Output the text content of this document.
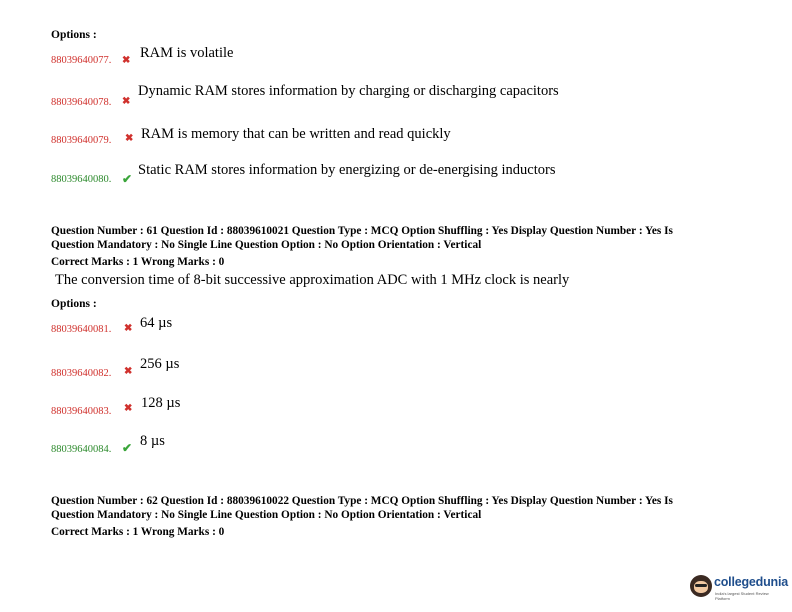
Options :
88039640077. ✖ RAM is volatile
88039640078. ✖
Dynamic RAM stores information by charging or discharging capacitors
88039640079. ✖ RAM is memory that can be written and read quickly
88039640080. ✔
Static RAM stores information by energizing or de-energising inductors
Question Number : 61 Question Id : 88039610021 Question Type : MCQ Option Shuffling : Yes Display Question Number : Yes Is
Question Mandatory : No Single Line Question Option : No Option Orientation : Vertical
Correct Marks : 1 Wrong Marks : 0
The conversion time of 8-bit successive approximation ADC with 1 MHz clock is nearly
Options :
88039640081. ✖ 64 µs
88039640082. ✖ 256 µs
88039640083. ✖ 128 µs
88039640084. ✔ 8 µs
Question Number : 62 Question Id : 88039610022 Question Type : MCQ Option Shuffling : Yes Display Question Number : Yes Is
Question Mandatory : No Single Line Question Option : No Option Orientation : Vertical
Correct Marks : 1 Wrong Marks : 0
collegedunia
India's largest Student Review Platform
